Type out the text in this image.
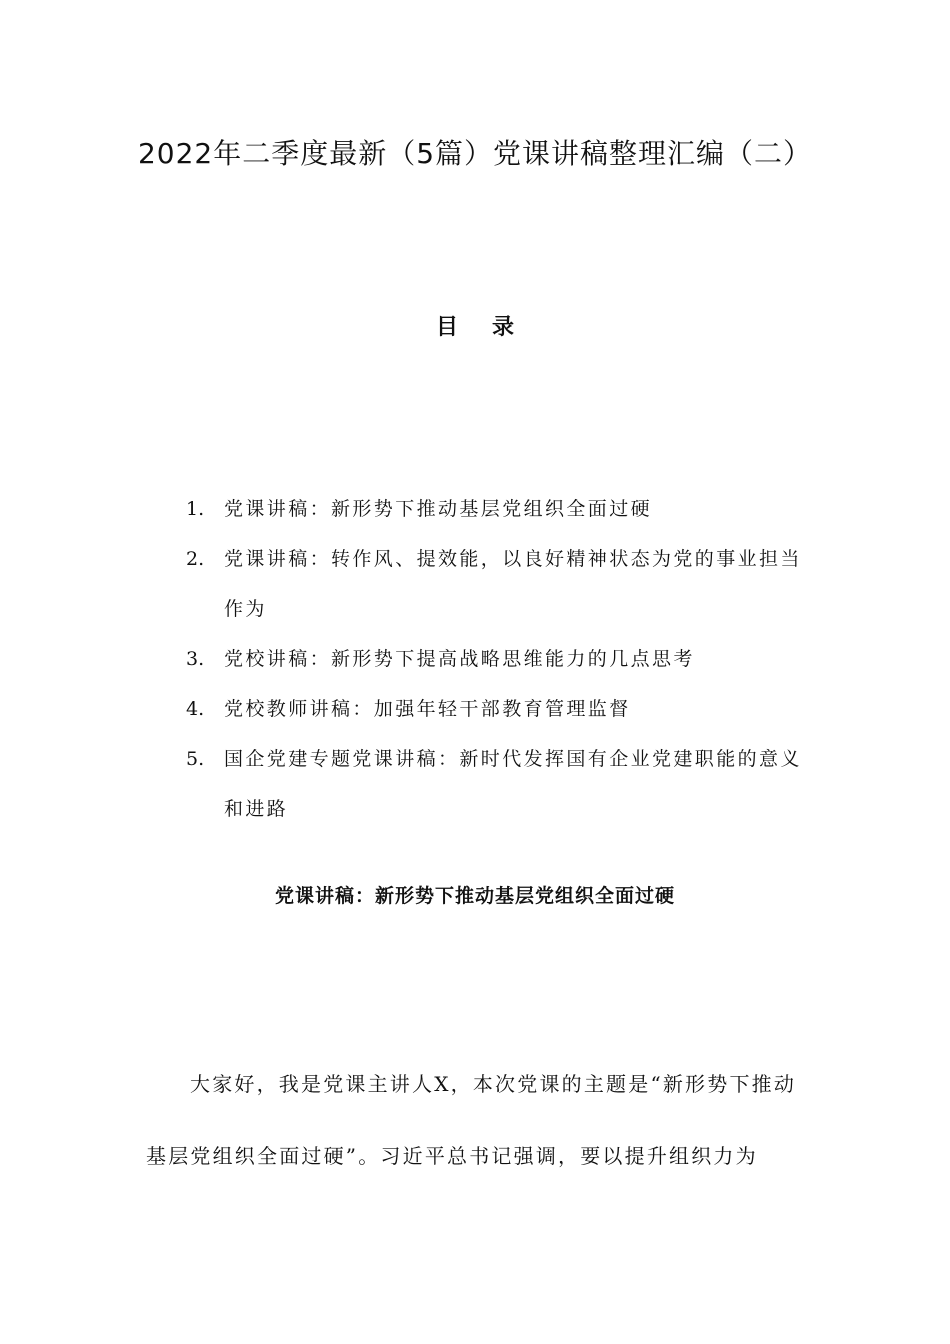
2022年二季度最新（5篇）党课讲稿整理汇编（二）
目录
1. 党课讲稿：新形势下推动基层党组织全面过硬
2. 党课讲稿：转作风、提效能，以良好精神状态为党的事业担当作为
3. 党校讲稿：新形势下提高战略思维能力的几点思考
4. 党校教师讲稿：加强年轻干部教育管理监督
5. 国企党建专题党课讲稿：新时代发挥国有企业党建职能的意义和进路
党课讲稿：新形势下推动基层党组织全面过硬

大家好，我是党课主讲人X，本次党课的主题是“新形势下推动基层党组织全面过硬”。习近平总书记强调，要以提升组织力为
